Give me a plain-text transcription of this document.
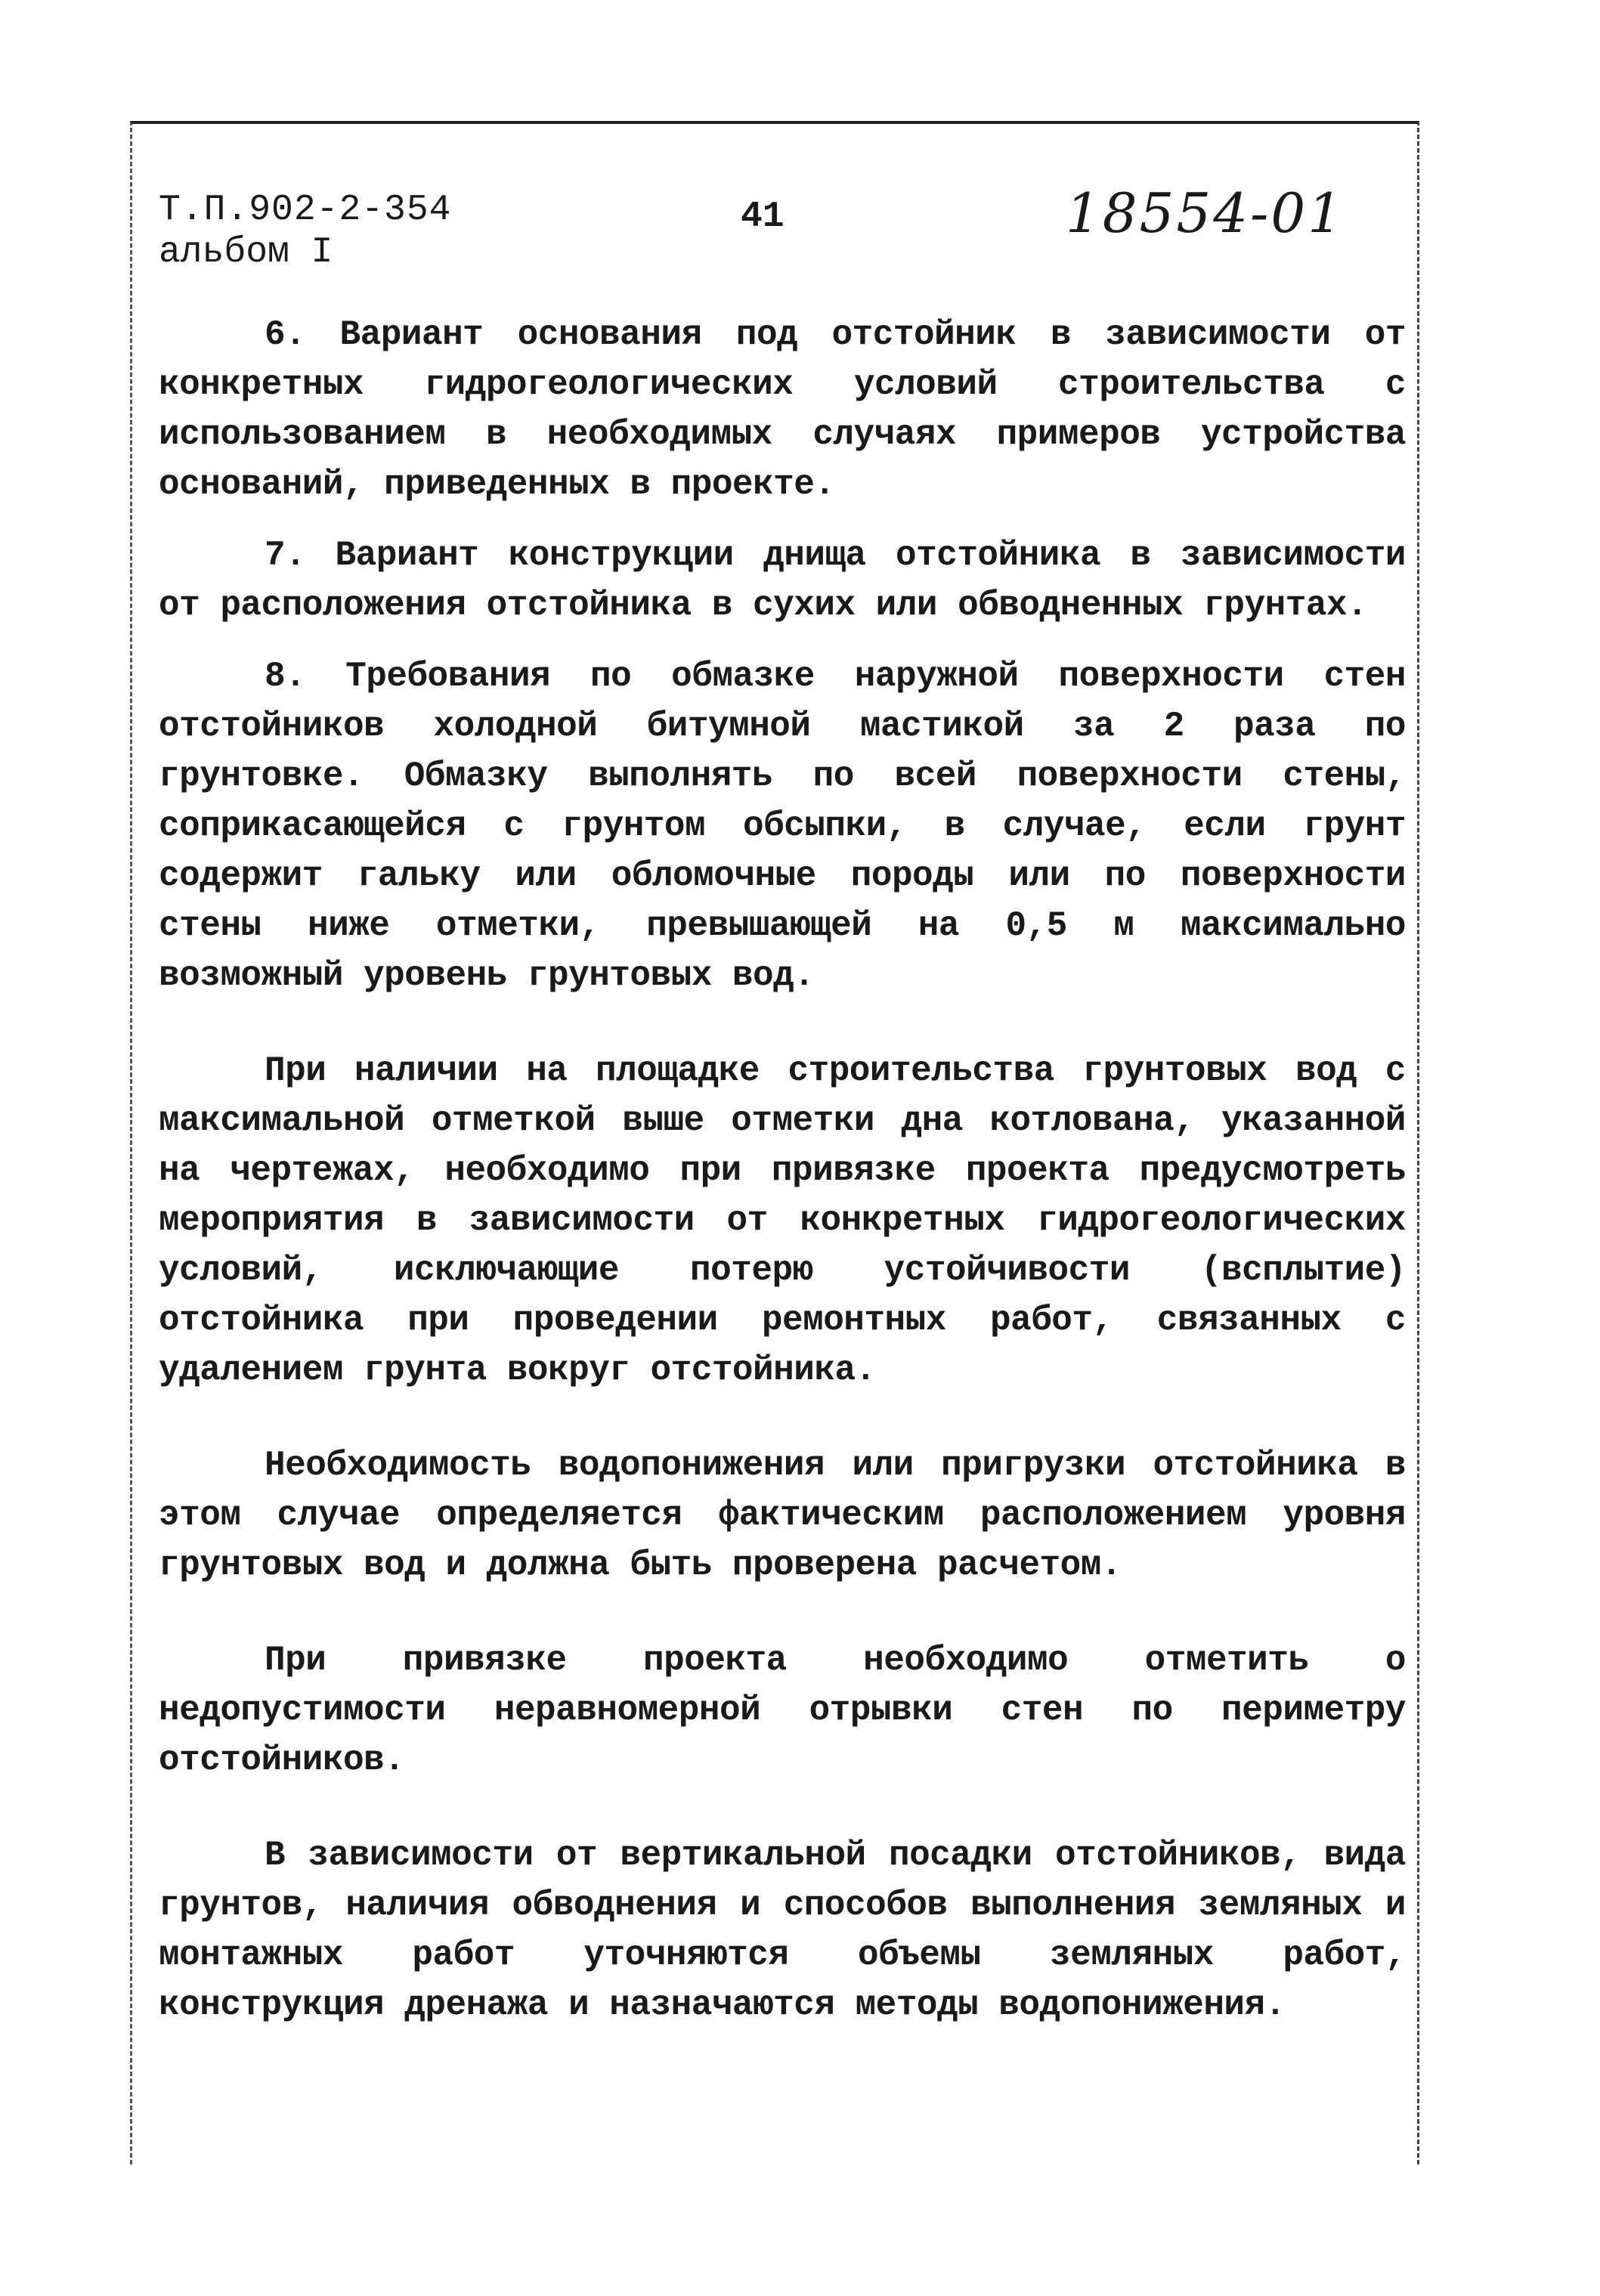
Т.П.902-2-354
альбом I
41	18554-01

6. Вариант основания под отстойник в зависимости от конкретных гидрогеологических условий строительства с использованием в необходимых случаях примеров устройства оснований, приведенных в проекте.

7. Вариант конструкции днища отстойника в зависимости от расположения отстойника в сухих или обводненных грунтах.

8. Требования по обмазке наружной поверхности стен отстойников холодной битумной мастикой за 2 раза по грунтовке. Обмазку выполнять по всей поверхности стены, соприкасающейся с грунтом обсыпки, в случае, если грунт содержит гальку или обломочные породы или по поверхности стены ниже отметки, превышающей на 0,5 м максимально возможный уровень грунтовых вод.

При наличии на площадке строительства грунтовых вод с максимальной отметкой выше отметки дна котлована, указанной на чертежах, необходимо при привязке проекта предусмотреть мероприятия в зависимости от конкретных гидрогеологических условий, исключающие потерю устойчивости (всплытие) отстойника при проведении ремонтных работ, связанных с удалением грунта вокруг отстойника.

Необходимость водопонижения или пригрузки отстойника в этом случае определяется фактическим расположением уровня грунтовых вод и должна быть проверена расчетом.

При привязке проекта необходимо отметить о недопустимости неравномерной отрывки стен по периметру отстойников.

В зависимости от вертикальной посадки отстойников, вида грунтов, наличия обводнения и способов выполнения земляных и монтажных работ уточняются объемы земляных работ, конструкция дренажа и назначаются методы водопонижения.
